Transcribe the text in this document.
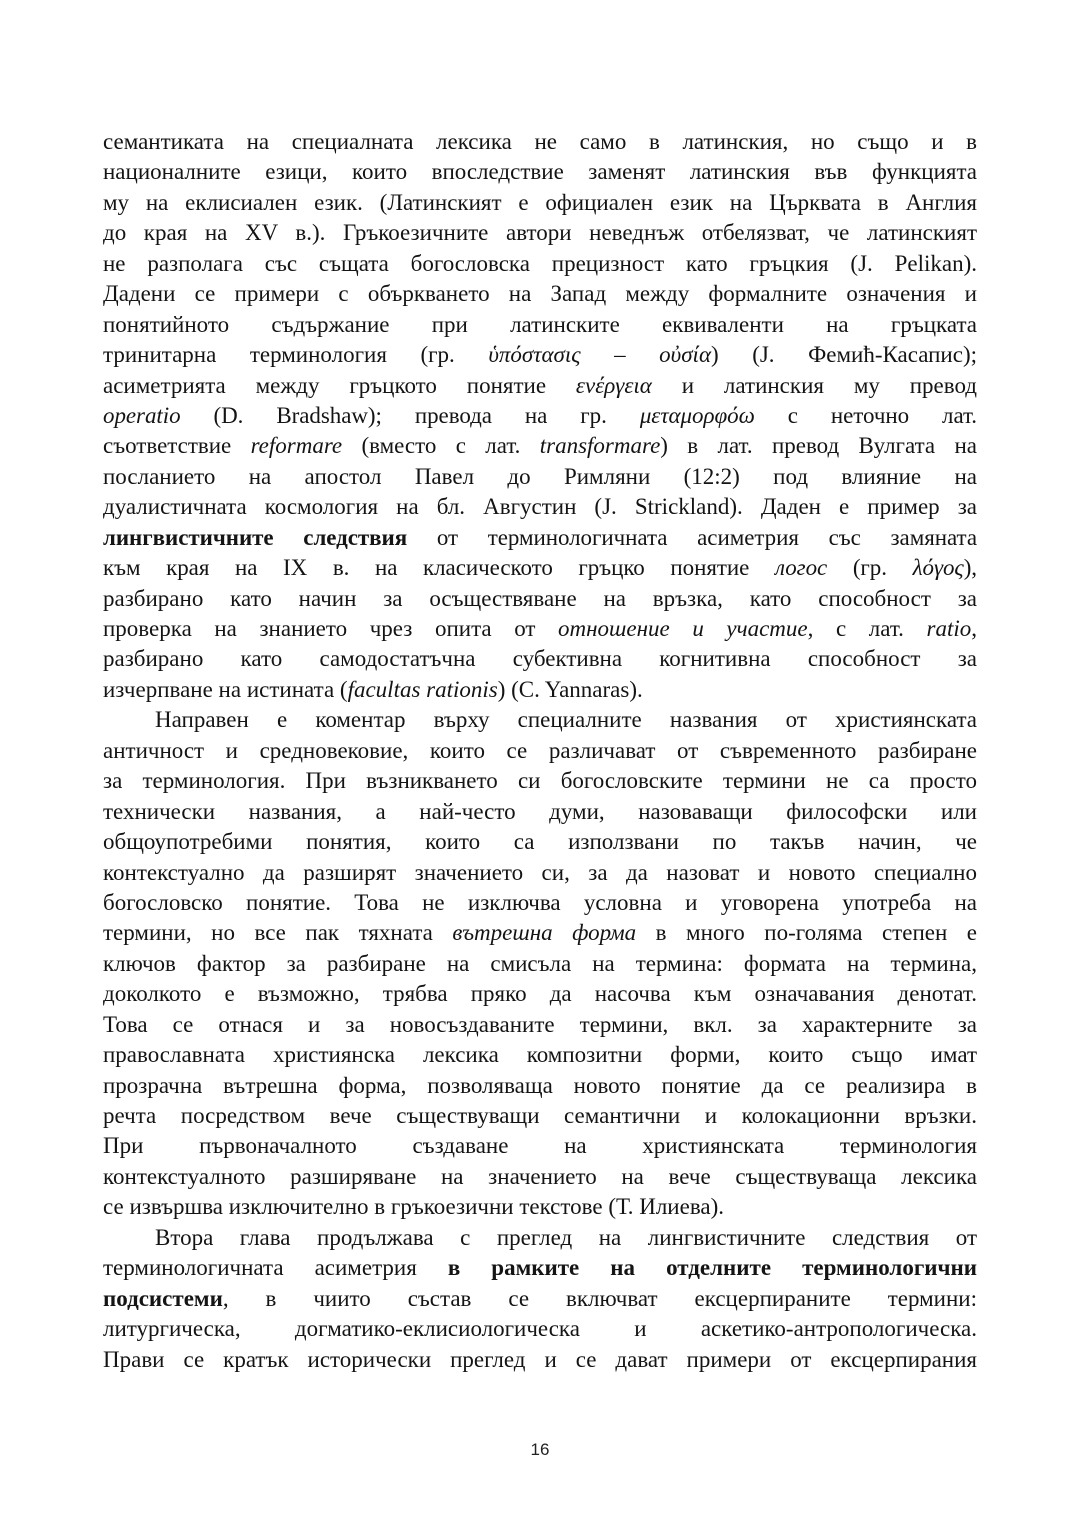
семантиката на специалната лексика не само в латинския, но също и в
националните езици, които впоследствие заменят латинския във функцията
му на еклисиален език. (Латинският е официален език на Църквата в Англия
до края на XV в.). Гръкоезичните автори неведнъж отбелязват, че латинският
не разполага със същата богословска прецизност като гръцкия (J. Pelikan).
Дадени се примери с объркването на Запад между формалните означения и
понятийното съдържание при латинските еквиваленти на гръцката
тринитарна терминология (гр. ὑπόστασις – οὐσία) (J. Фемић-Касапис);
асиметрията между гръцкото понятие ενέργεια и латинския му превод
operatio (D. Bradshaw); превода на гр. μεταμορφόω с неточно лат.
съответствие reformare (вместо с лат. transformare) в лат. превод Вулгата на
посланието на апостол Павел до Римляни (12:2) под влияние на
дуалистичната космология на бл. Августин (J. Strickland). Даден е пример за
лингвистичните следствия от терминологичната асиметрия със замяната
към края на IX в. на класическото гръцко понятие логос (гр. λόγος),
разбирано като начин за осъществяване на връзка, като способност за
проверка на знанието чрез опита от отношение и участие, с лат. ratio,
разбирано като самодостатъчна субективна когнитивна способност за
изчерпване на истината (facultas rationis) (C. Yannaras).
Направен е коментар върху специалните названия от християнската
античност и средновековие, които се различават от съвременното разбиране
за терминология. При възникването си богословските термини не са просто
технически названия, а най-често думи, назоваващи философски или
общоупотребими понятия, които са използвани по такъв начин, че
контекстуално да разширят значението си, за да назоват и новото специално
богословско понятие. Това не изключва условна и уговорена употреба на
термини, но все пак тяхната вътрешна форма в много по-голяма степен е
ключов фактор за разбиране на смисъла на термина: формата на термина,
доколкото е възможно, трябва пряко да насочва към означавания денотат.
Това се отнася и за новосъздаваните термини, вкл. за характерните за
православната християнска лексика композитни форми, които също имат
прозрачна вътрешна форма, позволяваща новото понятие да се реализира в
речта посредством вече съществуващи семантични и колокационни връзки.
При първоначалното създаване на християнската терминология
контекстуалното разширяване на значението на вече съществуваща лексика
се извършва изключително в гръкоезични текстове (Т. Илиева).
Втора глава продължава с преглед на лингвистичните следствия от
терминологичната асиметрия в рамките на отделните терминологични
подсистеми, в чиито състав се включват ексцерпираните термини:
литургическа, догматико-еклисиологическа и аскетико-антропологическа.
Прави се кратък исторически преглед и се дават примери от ексцерпирания
16
